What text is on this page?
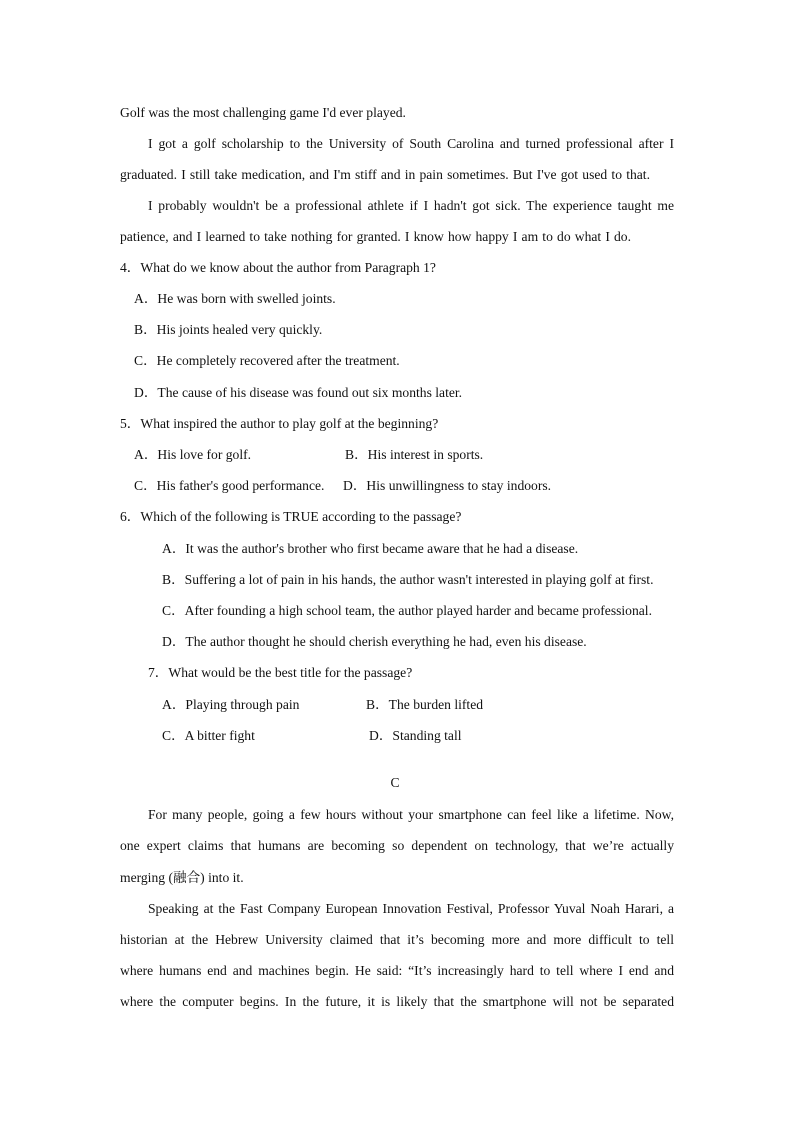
Golf was the most challenging game I'd ever played.
I got a golf scholarship to the University of South Carolina and turned professional after I
graduated. I still take medication, and I'm stiff and in pain sometimes. But I've got used to that.
I probably wouldn't be a professional athlete if I hadn't got sick. The experience taught me
patience, and I learned to take nothing for granted. I know how happy I am to do what I do.
4．What do we know about the author from Paragraph 1?
A．He was born with swelled joints.
B．His joints healed very quickly.
C．He completely recovered after the treatment.
D．The cause of his disease was found out six months later.
5．What inspired the author to play golf at the beginning?
A．His love for golf.	B．His interest in sports.
C．His father's good performance. D．His unwillingness to stay indoors.
6．Which of the following is TRUE according to the passage?
A．It was the author's brother who first became aware that he had a disease.
B．Suffering a lot of pain in his hands, the author wasn't interested in playing golf at first.
C．After founding a high school team, the author played harder and became professional.
D．The author thought he should cherish everything he had, even his disease.
7．What would be the best title for the passage?
A．Playing through pain	B．The burden lifted
C．A bitter fight	D．Standing tall
C
For many people, going a few hours without your smartphone can feel like a lifetime. Now,
one expert claims that humans are becoming so dependent on technology, that we’re actually
merging (融合) into it.
Speaking at the Fast Company European Innovation Festival, Professor Yuval Noah Harari, a
historian at the Hebrew University claimed that it’s becoming more and more difficult to tell
where humans end and machines begin. He said: “It’s increasingly hard to tell where I end and
where the computer begins. In the future, it is likely that the smartphone will not be separated
